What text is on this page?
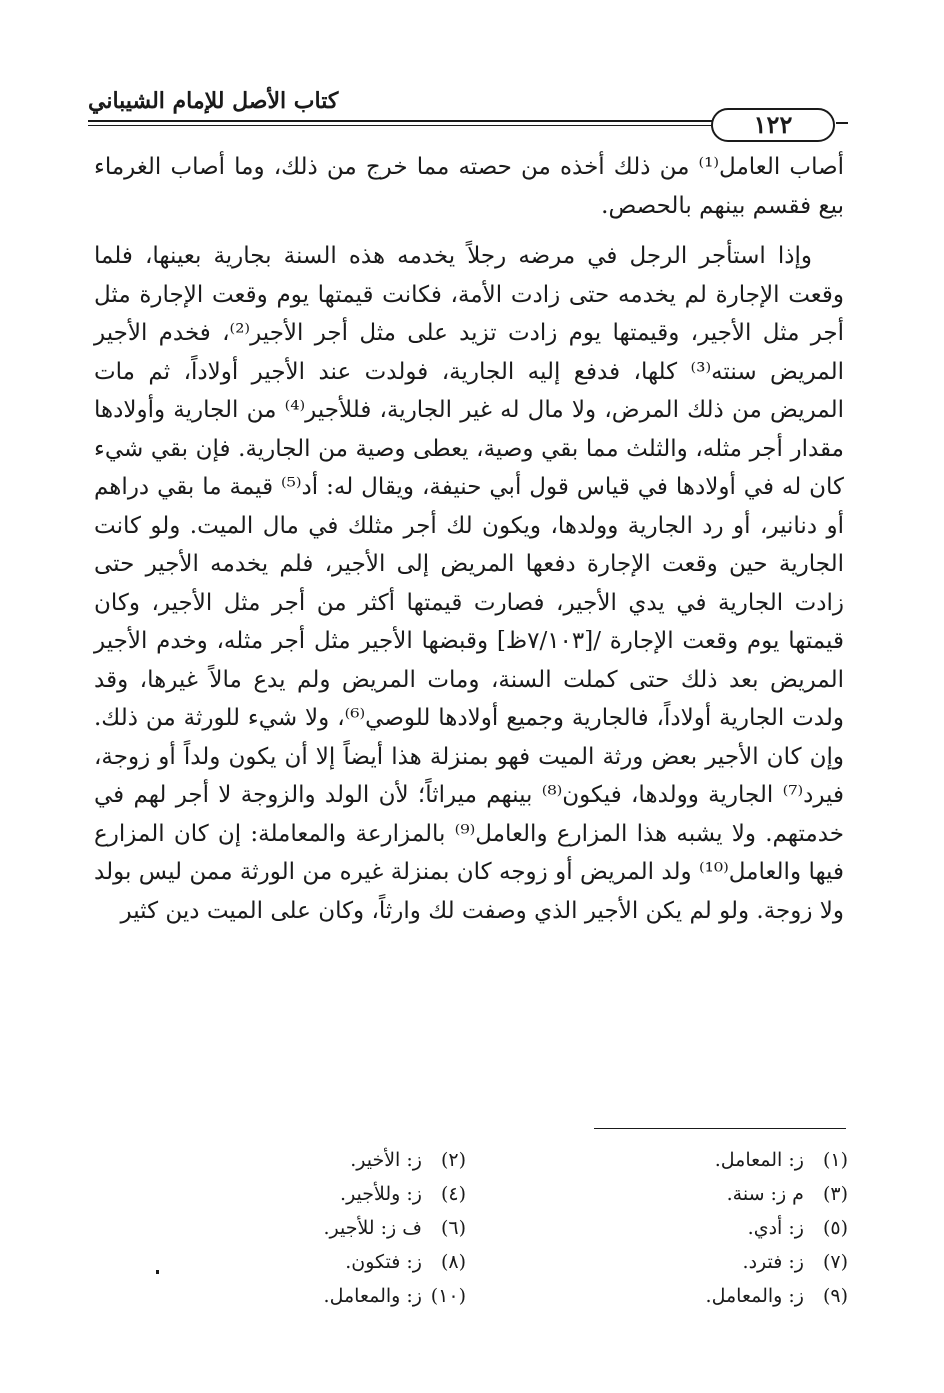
كتاب الأصل للإمام الشيباني
١٢٢

أصاب العامل⁽¹⁾ من ذلك أخذه من حصته مما خرج من ذلك، وما أصاب الغرماء بيع فقسم بينهم بالحصص.

وإذا استأجر الرجل في مرضه رجلاً يخدمه هذه السنة بجارية بعينها، فلما وقعت الإجارة لم يخدمه حتى زادت الأمة، فكانت قيمتها يوم وقعت الإجارة مثل أجر مثل الأجير، وقيمتها يوم زادت تزيد على مثل أجر الأجير⁽²⁾، فخدم الأجير المريض سنته⁽³⁾ كلها، فدفع إليه الجارية، فولدت عند الأجير أولاداً، ثم مات المريض من ذلك المرض، ولا مال له غير الجارية، فللأجير⁽⁴⁾ من الجارية وأولادها مقدار أجر مثله، والثلث مما بقي وصية، يعطى وصية من الجارية. فإن بقي شيء كان له في أولادها في قياس قول أبي حنيفة، ويقال له: أد⁽⁵⁾ قيمة ما بقي دراهم أو دنانير، أو رد الجارية وولدها، ويكون لك أجر مثلك في مال الميت. ولو كانت الجارية حين وقعت الإجارة دفعها المريض إلى الأجير، فلم يخدمه الأجير حتى زادت الجارية في يدي الأجير، فصارت قيمتها أكثر من أجر مثل الأجير، وكان قيمتها يوم وقعت الإجارة /[٧/١٠٣ظ] وقبضها الأجير مثل أجر مثله، وخدم الأجير المريض بعد ذلك حتى كملت السنة، ومات المريض ولم يدع مالاً غيرها، وقد ولدت الجارية أولاداً، فالجارية وجميع أولادها للوصي⁽⁶⁾، ولا شيء للورثة من ذلك. وإن كان الأجير بعض ورثة الميت فهو بمنزلة هذا أيضاً إلا أن يكون ولداً أو زوجة، فيرد⁽⁷⁾ الجارية وولدها، فيكون⁽⁸⁾ بينهم ميراثاً؛ لأن الولد والزوجة لا أجر لهم في خدمتهم. ولا يشبه هذا المزارع والعامل⁽⁹⁾ بالمزارعة والمعاملة: إن كان المزارع فيها والعامل⁽¹⁰⁾ ولد المريض أو زوجه كان بمنزلة غيره من الورثة ممن ليس بولد ولا زوجة. ولو لم يكن الأجير الذي وصفت لك وارثاً، وكان على الميت دين كثير

(١) ز: المعامل.
(٣) م ز: سنة.
(٥) ز: أدي.
(٧) ز: فترد.
(٩) ز: والمعامل.
(٢) ز: الأخير.
(٤) ز: وللأجير.
(٦) ف ز: للأجير.
(٨) ز: فتكون.
(١٠) ز: والمعامل.
